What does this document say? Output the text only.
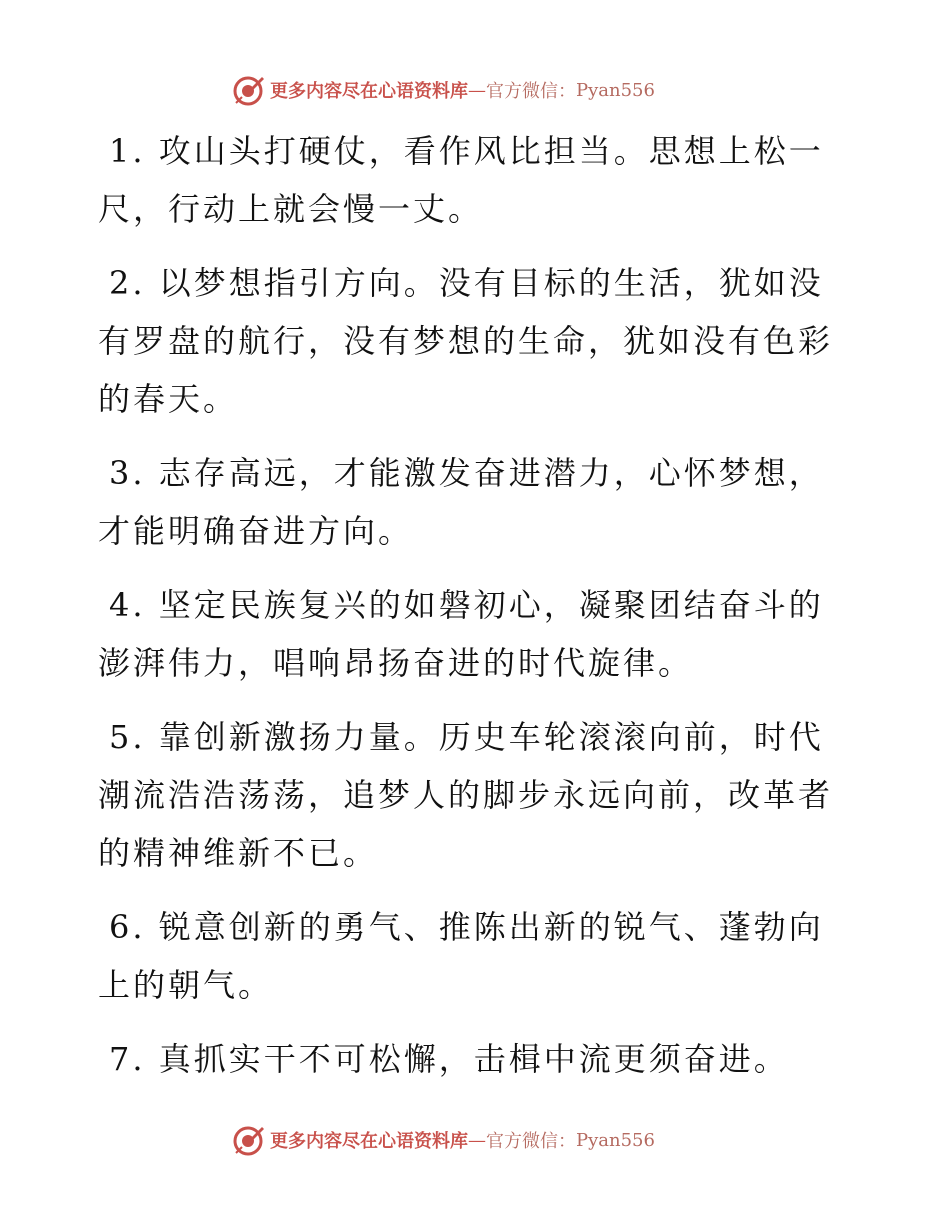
更多内容尽在心语资料库 — 官方微信： Pyan556

1. 攻山头打硬仗，看作风比担当。思想上松一尺，行动上就会慢一丈。

2. 以梦想指引方向。没有目标的生活，犹如没有罗盘的航行，没有梦想的生命，犹如没有色彩的春天。

3. 志存高远，才能激发奋进潜力，心怀梦想，才能明确奋进方向。

4. 坚定民族复兴的如磐初心，凝聚团结奋斗的澎湃伟力，唱响昂扬奋进的时代旋律。

5. 靠创新激扬力量。历史车轮滚滚向前，时代潮流浩浩荡荡，追梦人的脚步永远向前，改革者的精神维新不已。

6. 锐意创新的勇气、推陈出新的锐气、蓬勃向上的朝气。

7. 真抓实干不可松懈，击楫中流更须奋进。

更多内容尽在心语资料库 — 官方微信： Pyan556
